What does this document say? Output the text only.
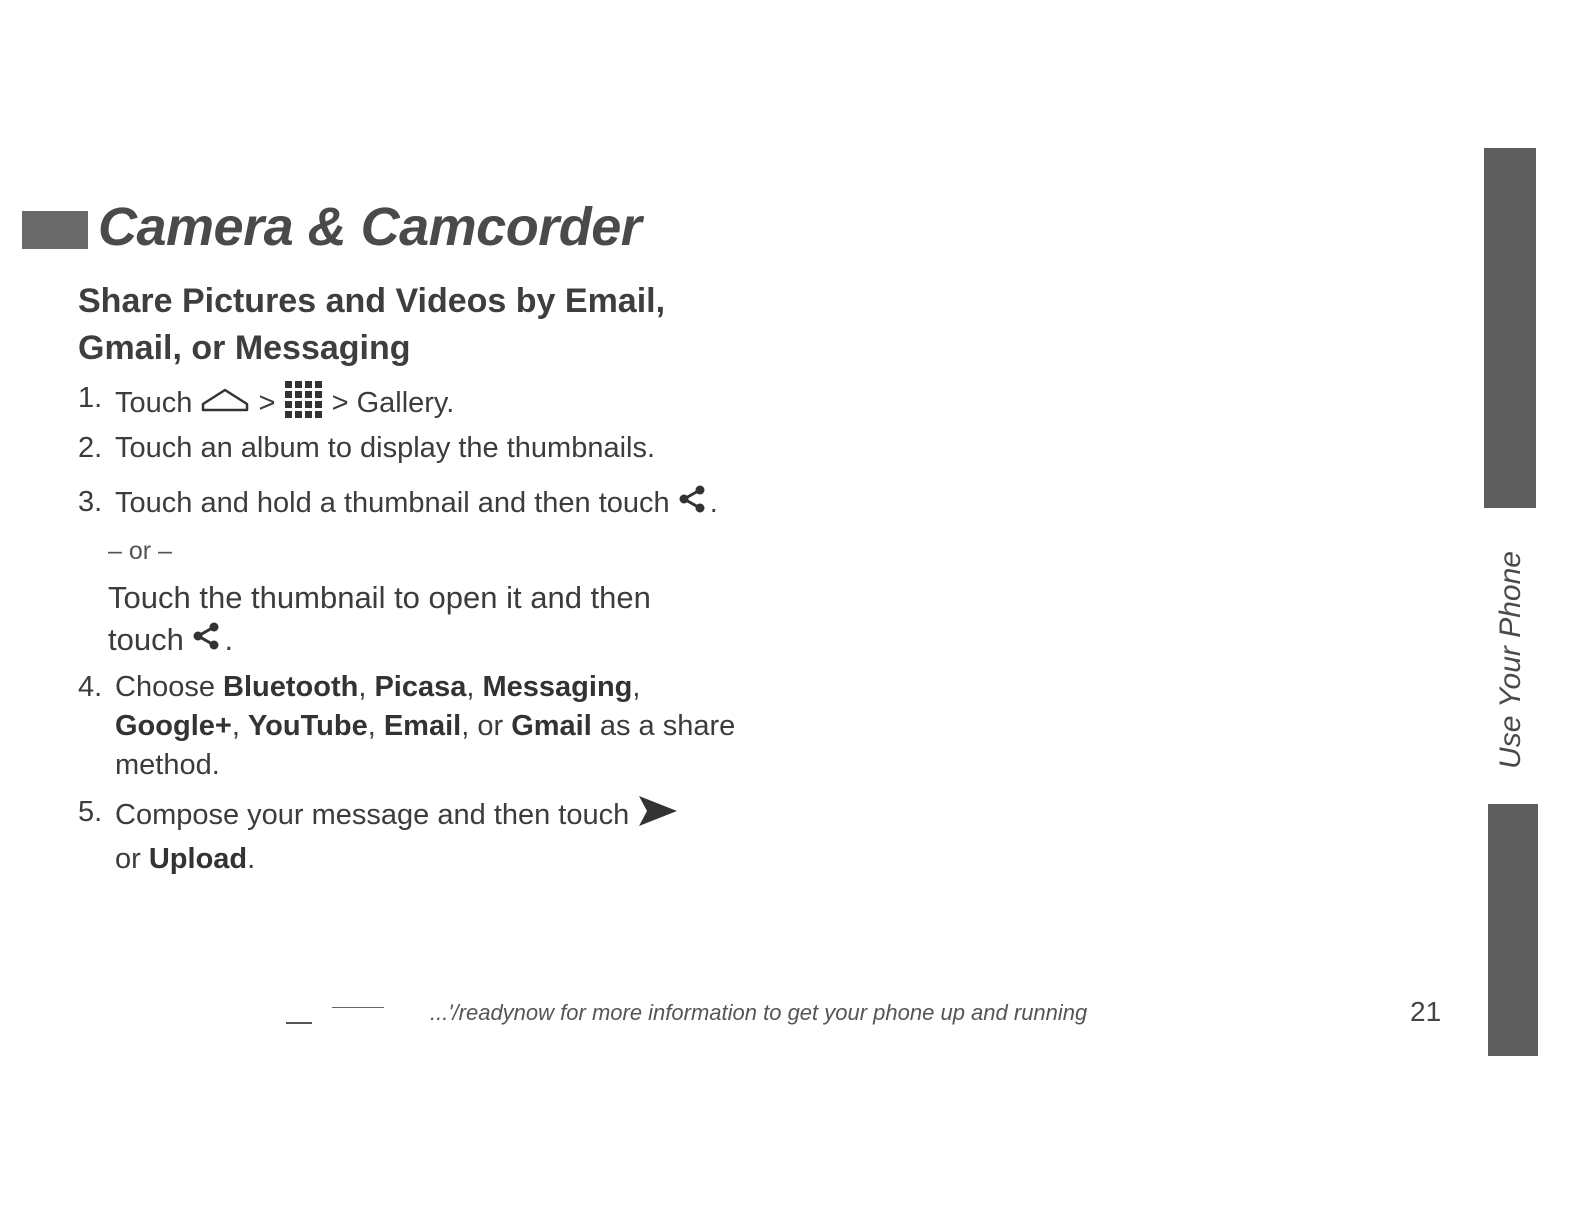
Camera & Camcorder
Share Pictures and Videos by Email, Gmail, or Messaging
1. Touch > > Gallery.
2. Touch an album to display the thumbnails.
3. Touch and hold a thumbnail and then touch .
– or –
Touch the thumbnail to open it and then
touch .
4. Choose Bluetooth, Picasa, Messaging, Google+, YouTube, Email, or Gmail as a share method.
5. Compose your message and then touch
or Upload.
...'/readynow for more information to get your phone up and running	21
Use Your Phone
